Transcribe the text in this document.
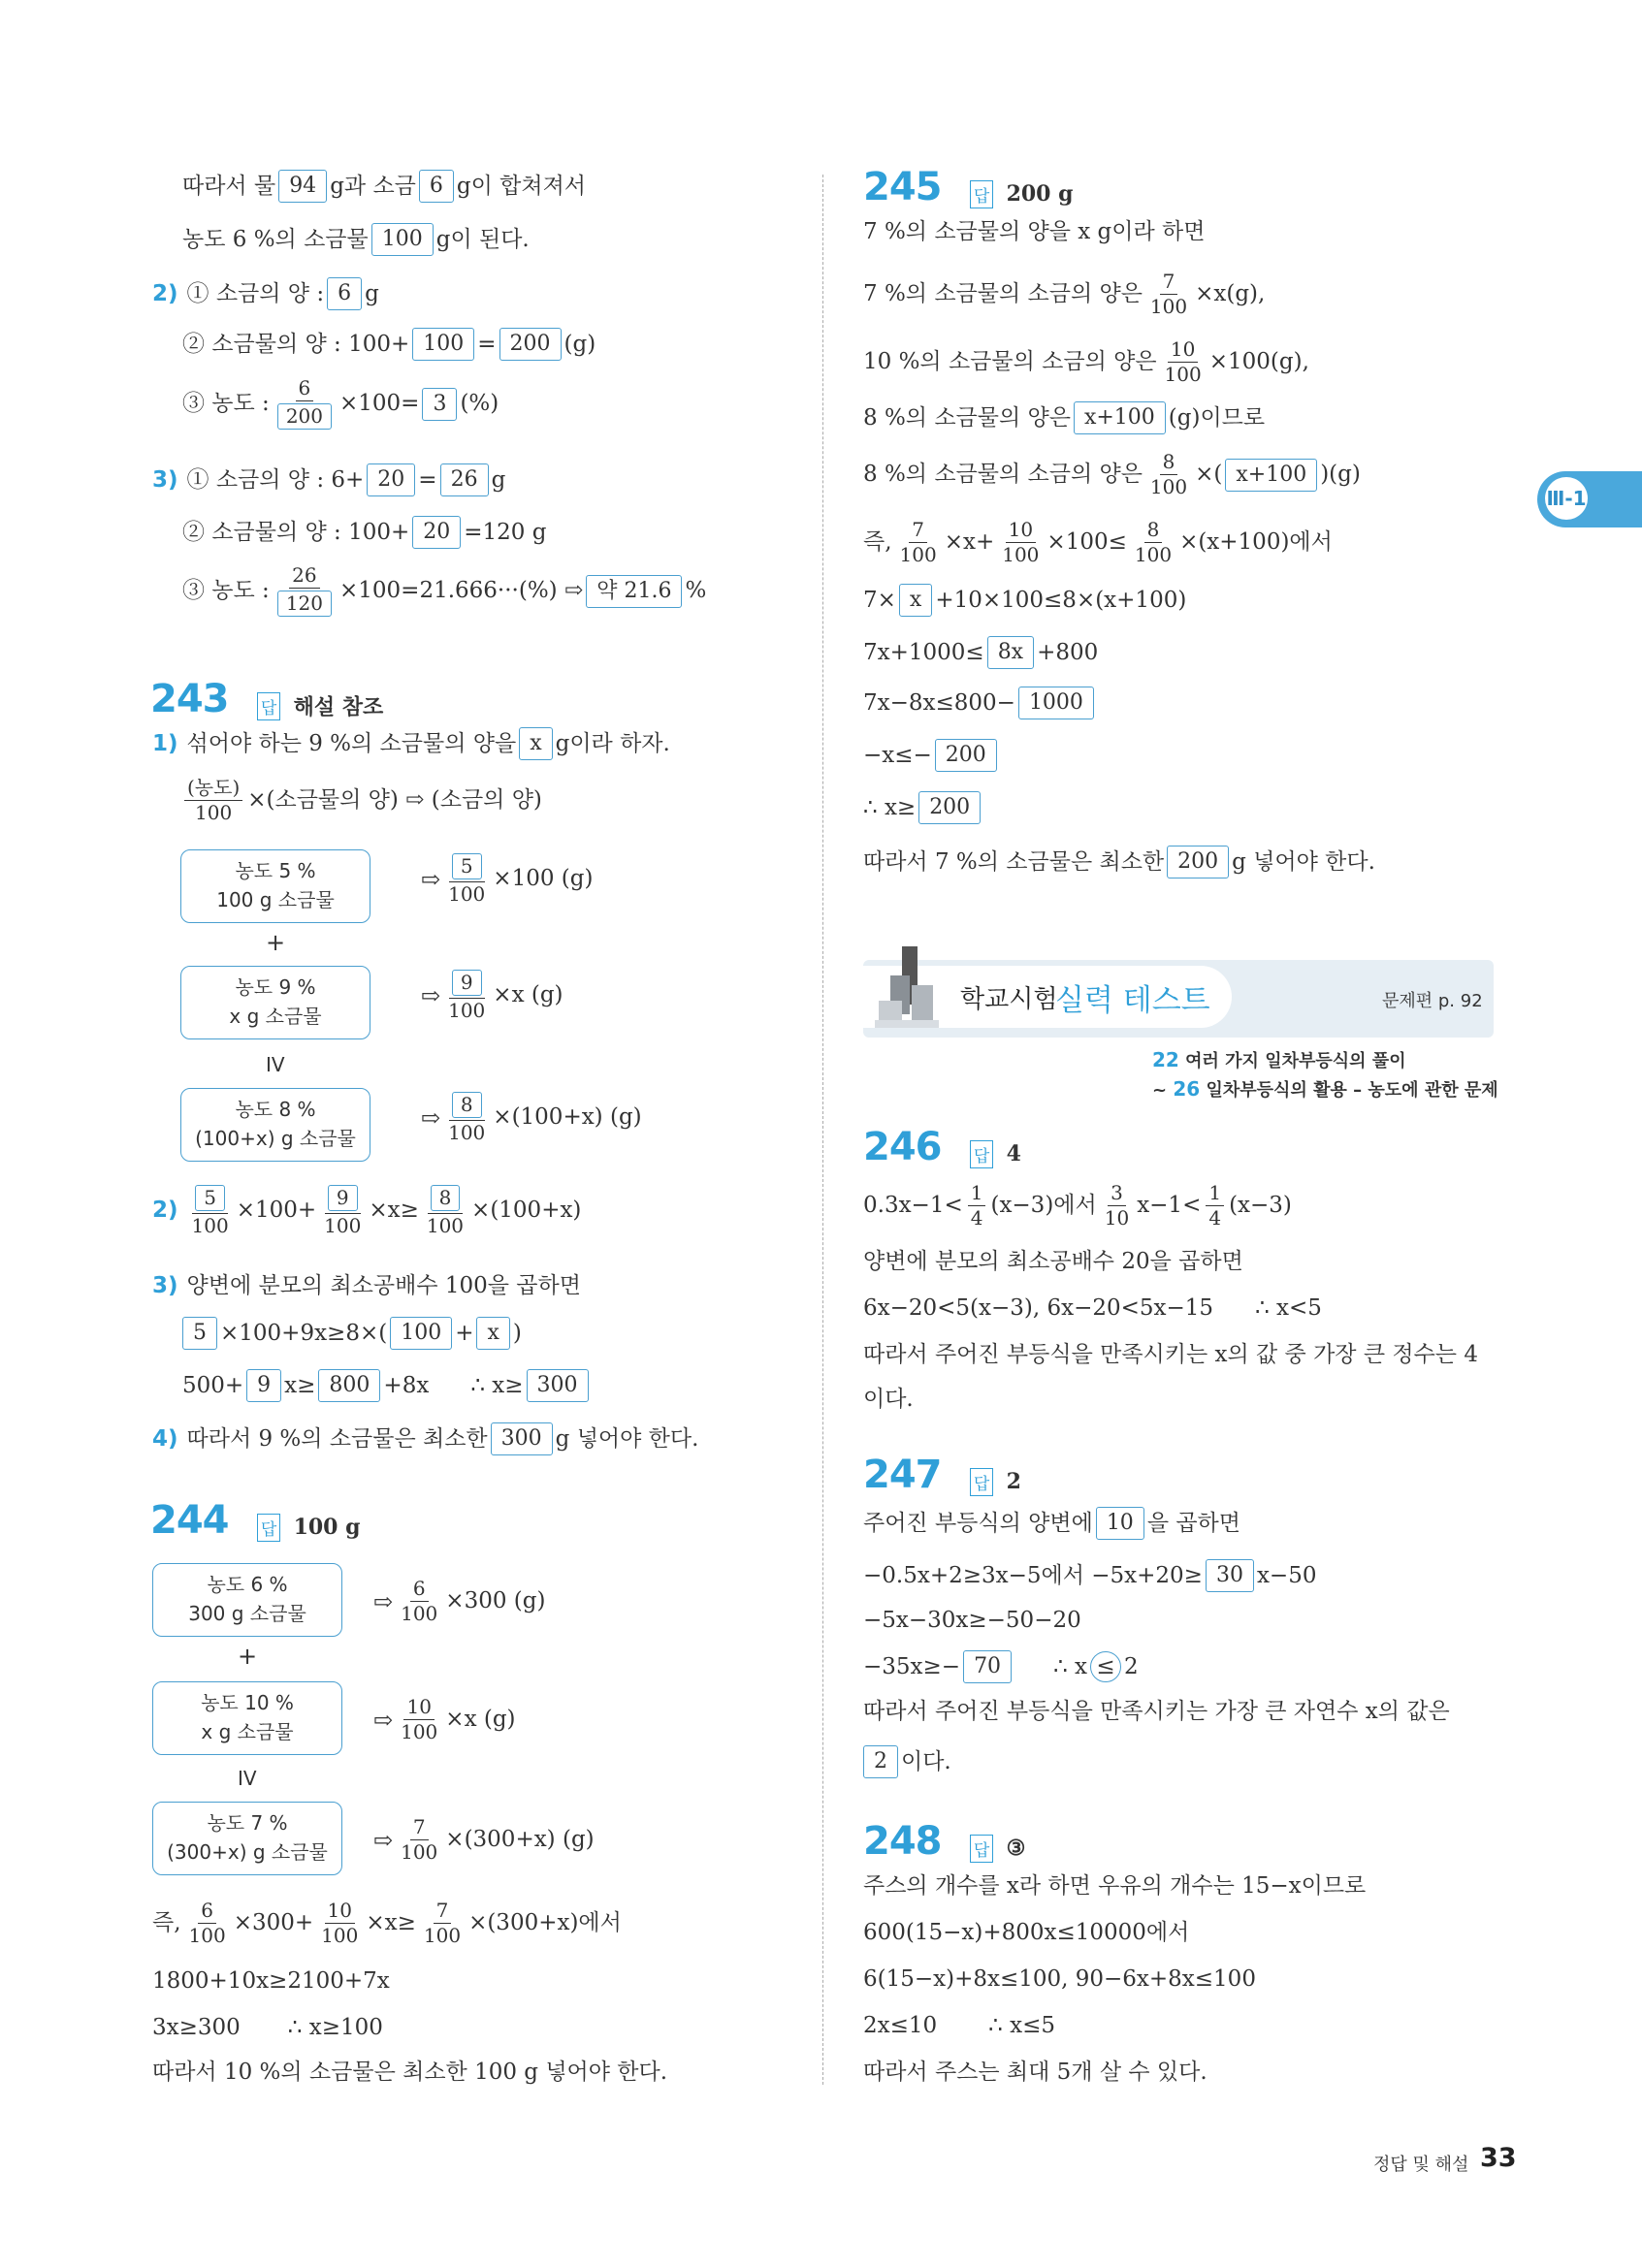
Ⅲ-1
따라서 물 94 g과 소금 6 g이 합쳐져서
농도 6 %의 소금물 100 g이 된다.
2) ① 소금의 양 : 6 g
② 소금물의 양 : 100+ 100 = 200 (g)
③ 농도 : $\frac{6}{200} \times 100= 3$ (%)
3) ① 소금의 양 : 6+ 20 = 26 g
② 소금물의 양 : 100+ 20 =120 g
③ 농도 : $\frac{26}{120} \times 100=21.666\cdot\cdot\cdot(\%)$ ⇨ 약 21.6 %
243 답 해설 참조
1) 섞어야 하는 9 %의 소금물의 양을 x g이라 하자.
$\frac{\text{(농도)}}{100}$ ×(소금물의 양) ⇨ (소금의 양)
농도 5 %
100 g 소금물
⇨ $\frac{5}{100} \times 100$ (g)
+
농도 9 %
x g 소금물
⇨ $\frac{9}{100} \times x$ (g)
IV
농도 8 %
(100+x) g 소금물
⇨ $\frac{8}{100} \times(100+x)$ (g)
$2) \frac{5}{100} \times 100+ \frac{9}{100} \times x\ge \frac{8}{100} \times(100+x)$
3) 양변에 분모의 최소공배수 100을 곱하면
5 ×100+9x≥8×( 100 + x )
500+ 9 x≥ 800 +8x ∴ x≥ 300
4) 따라서 9 %의 소금물은 최소한 300 g 넣어야 한다.
244 답 100 g
농도 6 %
300 g 소금물	⇨ $\frac{6}{100} \times 300$ (g)
+
농도 10 %
x g 소금물	⇨ $\frac{10}{100} \times x$ (g)
IV
농도 7 %
(300+x) g 소금물	⇨ $\frac{7}{100} \times(300+x)$ (g)
즉, $\frac{6}{100} \times 300+ \frac{10}{100} \times x\ge \frac{7}{100} \times(300+x)$에서
1800+10x≥2100+7x
3x≥300 ∴ x≥100
따라서 10 %의 소금물은 최소한 100 g 넣어야 한다.
245 답 200 g
7 %의 소금물의 양을 x g이라 하면
7 %의 소금물의 소금의 양은 $\frac{7}{100} \times x(g)$,
10 %의 소금물의 소금의 양은 $\frac{10}{100} \times 100(g)$,
8 %의 소금물의 양은 x+100 (g)이므로
8 %의 소금물의 소금의 양은 $\frac{8}{100}$ ×( x+100 )(g)
즉, $\frac{7}{100} \times x+ \frac{10}{100} \times 100\le \frac{8}{100} \times(x+100)$에서
7× x +10×100≤8×(x+100)
7x+1000≤ 8x +800
7x−8x≤800− 1000
−x≤− 200
∴ x≥ 200
따라서 7 %의 소금물은 최소한 200 g 넣어야 한다.
학교시험
실력 테스트	문제편 p. 92
22 여러 가지 일차부등식의 풀이
~ 26 일차부등식의 활용 – 농도에 관한 문제
246 답 4
$0.3x-1< \frac{1}{4} (x-3)$에서 $\frac{3}{10} x-1< \frac{1}{4} (x-3)$
양변에 분모의 최소공배수 20을 곱하면
6x−20<5(x−3), 6x−20<5x−15 ∴ x<5
따라서 주어진 부등식을 만족시키는 x의 값 중 가장 큰 정수는 4
이다.
247 답 2
주어진 부등식의 양변에 10 을 곱하면
−0.5x+2≥3x−5에서 −5x+20≥ 30 x−50
−5x−30x≥−50−20
−35x≥− 70	∴ x ≤ 2
따라서 주어진 부등식을 만족시키는 가장 큰 자연수 x의 값은
2 이다.
248 답 ③
주스의 개수를 x라 하면 우유의 개수는 15−x이므로
600(15−x)+800x≤10000에서
6(15−x)+8x≤100, 90−6x+8x≤100
2x≤10 ∴ x≤5
따라서 주스는 최대 5개 살 수 있다.
정답 및 해설 33
